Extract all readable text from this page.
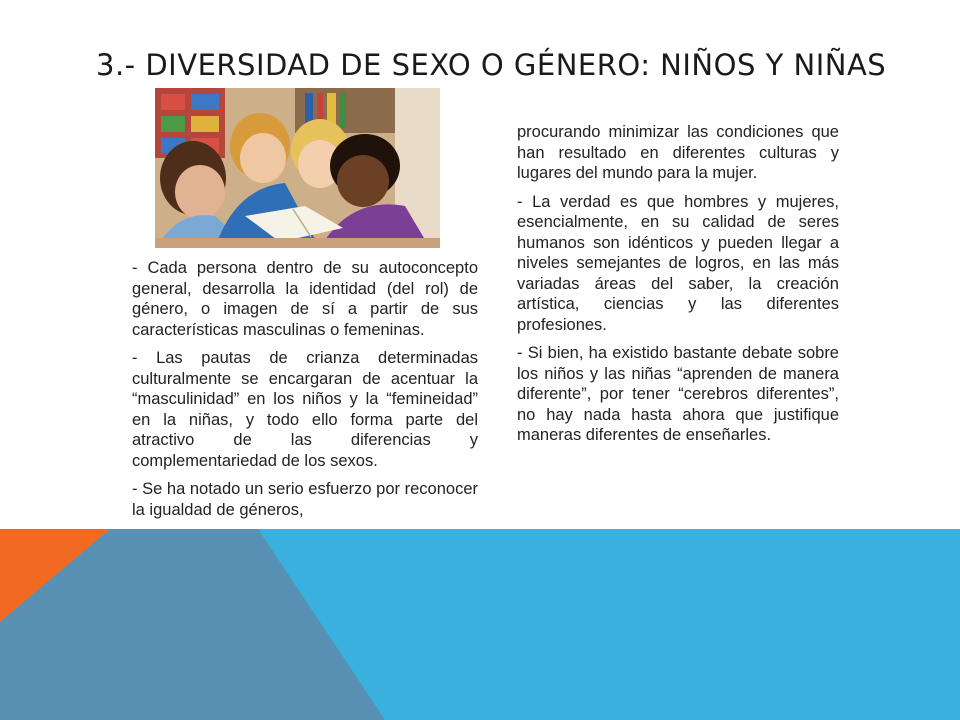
3.- DIVERSIDAD DE SEXO O GÉNERO: NIÑOS Y NIÑAS

- Cada persona dentro de su autoconcepto general, desarrolla la identidad (del rol) de género, o imagen de sí a partir de sus características masculinas o femeninas.

- Las pautas de crianza determinadas culturalmente se encargaran de acentuar la “masculinidad” en los niños y la “femineidad” en la niñas, y todo ello forma parte del atractivo de las diferencias y complementariedad de los sexos.

- Se ha notado un serio esfuerzo por reconocer la igualdad de géneros,

procurando minimizar las condiciones que han resultado en diferentes culturas y lugares del mundo para la mujer.

- La verdad es que hombres y mujeres, esencialmente, en su calidad de seres humanos son idénticos y pueden llegar a niveles semejantes de logros, en las más variadas áreas del saber, la creación artística, ciencias y las diferentes profesiones.

- Si bien, ha existido bastante debate sobre los niños y las niñas “aprenden de manera diferente”, por tener “cerebros diferentes”, no hay nada hasta ahora que justifique maneras diferentes de enseñarles.
